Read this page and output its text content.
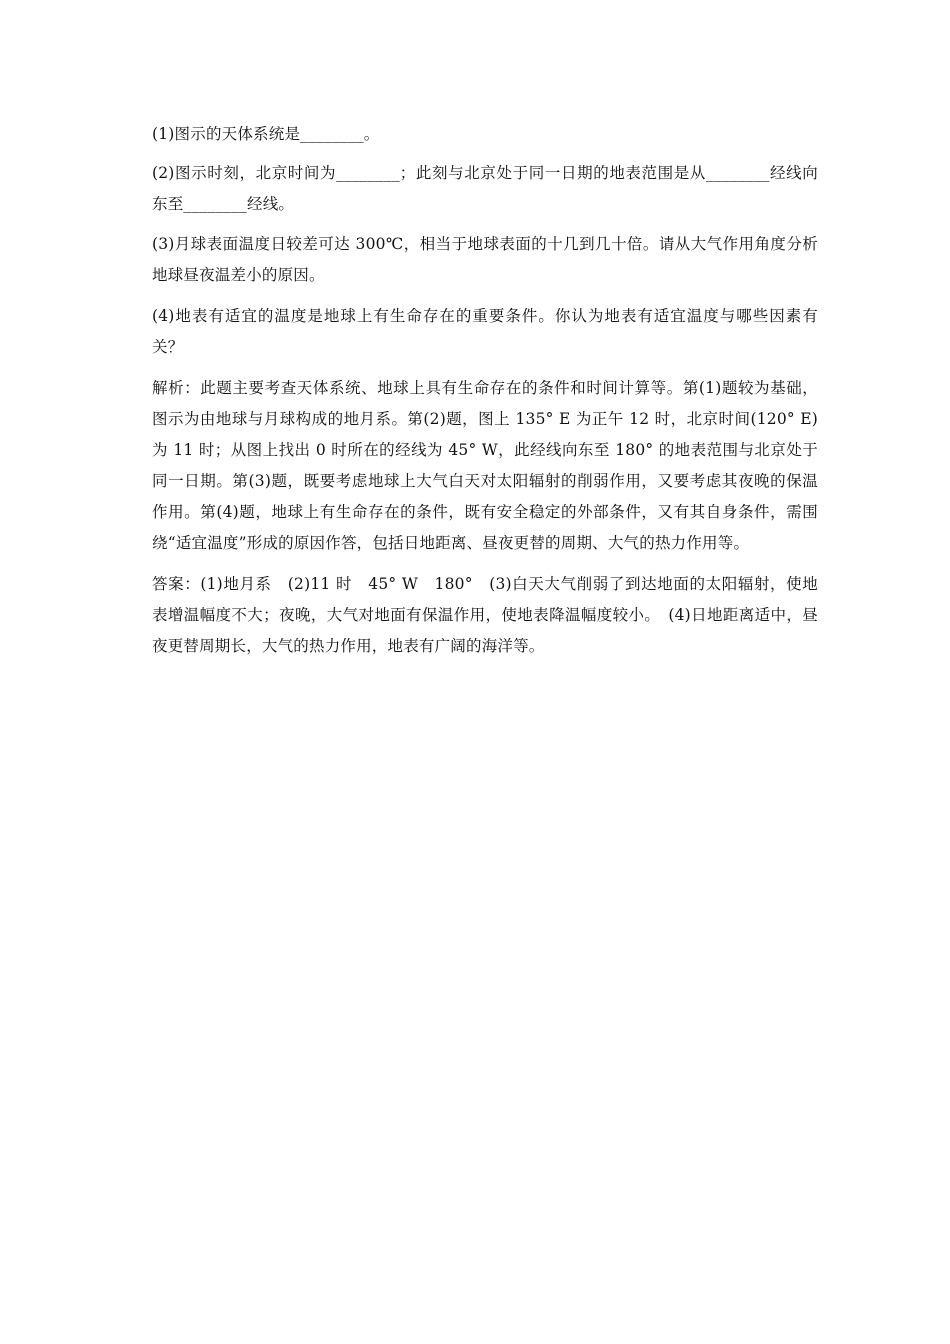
(1)图示的天体系统是________。

(2)图示时刻，北京时间为________；此刻与北京处于同一日期的地表范围是从________经线向东至________经线。

(3)月球表面温度日较差可达 300℃，相当于地球表面的十几到几十倍。请从大气作用角度分析地球昼夜温差小的原因。

(4)地表有适宜的温度是地球上有生命存在的重要条件。你认为地表有适宜温度与哪些因素有关？

解析：此题主要考查天体系统、地球上具有生命存在的条件和时间计算等。第(1)题较为基础，图示为由地球与月球构成的地月系。第(2)题，图上 135° E 为正午 12 时，北京时间(120° E)为 11 时；从图上找出 0 时所在的经线为 45° W，此经线向东至 180° 的地表范围与北京处于同一日期。第(3)题，既要考虑地球上大气白天对太阳辐射的削弱作用，又要考虑其夜晚的保温作用。第(4)题，地球上有生命存在的条件，既有安全稳定的外部条件，又有其自身条件，需围绕“适宜温度”形成的原因作答，包括日地距离、昼夜更替的周期、大气的热力作用等。

答案：(1)地月系　(2)11 时　45° W　180°　(3)白天大气削弱了到达地面的太阳辐射，使地表增温幅度不大；夜晚，大气对地面有保温作用，使地表降温幅度较小。　(4)日地距离适中，昼夜更替周期长，大气的热力作用，地表有广阔的海洋等。
